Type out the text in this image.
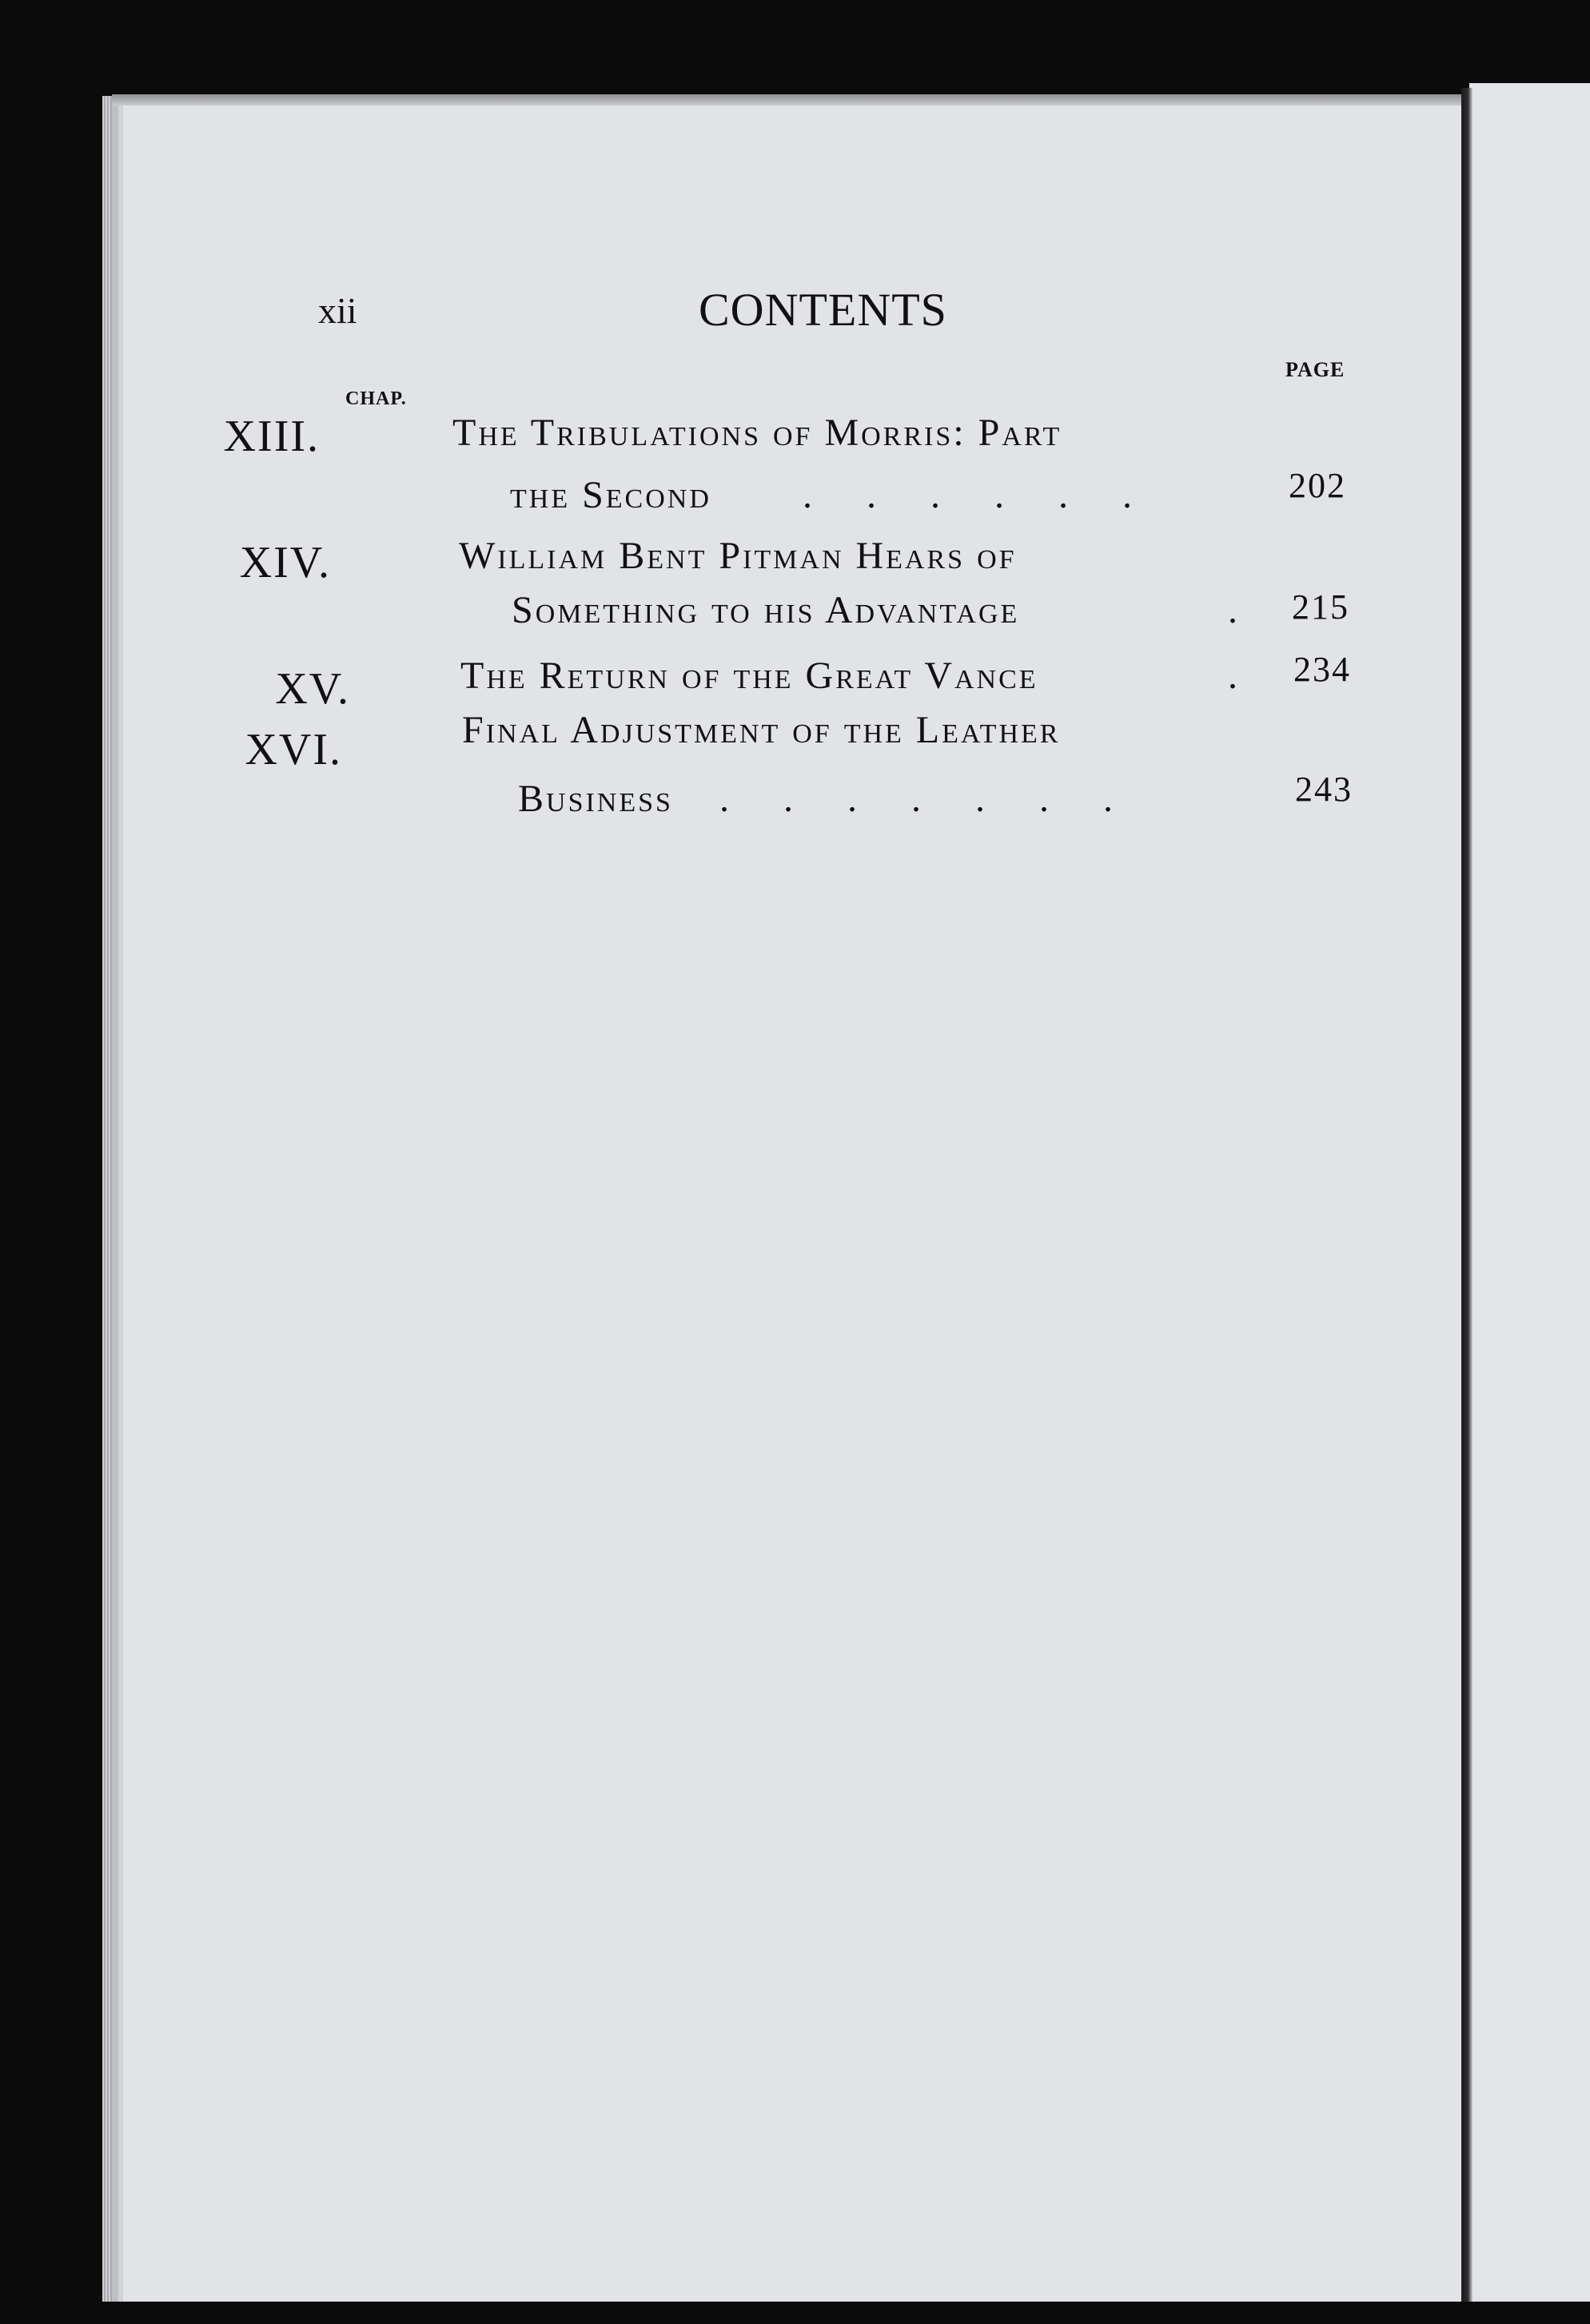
xii	CONTENTS
PAGE
CHAP.
XIII.	The Tribulations of Morris: Part
the Second . . . . . .	202
XIV.	William Bent Pitman Hears of
Something to his Advantage	. 215
XV.	The Return of the Great Vance	. 234
XVI.	Final Adjustment of the Leather
Business . . . . . . .	243
